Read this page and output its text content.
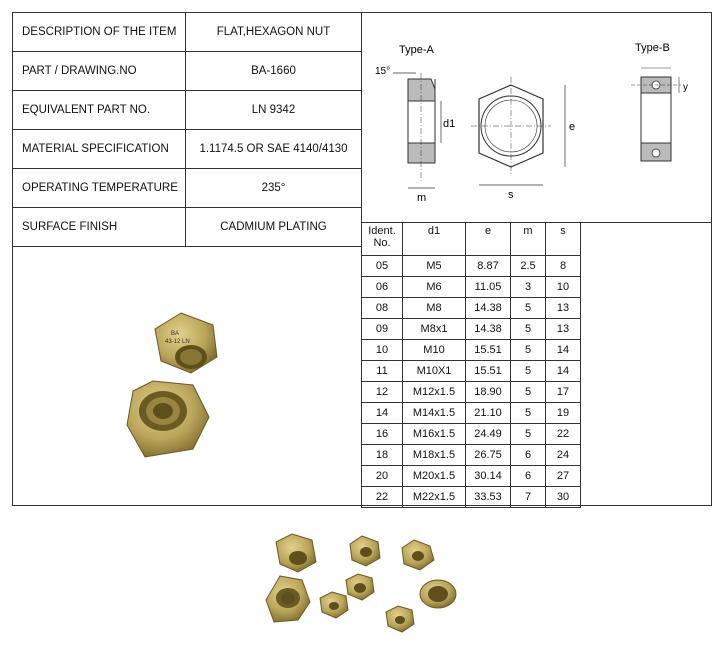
DESCRIPTION OF THE ITEM	FLAT,HEXAGON NUT
PART / DRAWING.NO	BA-1660
EQUIVALENT PART NO.	LN 9342
MATERIAL SPECIFICATION	1.1174.5 OR SAE 4140/4130
OPERATING TEMPERATURE	235°
SURFACE FINISH	CADMIUM PLATING
Type-A
15°
d1
m
e
s
Type-B
y
BA
43-12 LN
Ident.
No.	d1	e	m	s
05	M5	8.87	2.5	8
06	M6	11.05	3	10
08	M8	14.38	5	13
09	M8x1	14.38	5	13
10	M10	15.51	5	14
11	M10X1	15.51	5	14
12	M12x1.5	18.90	5	17
14	M14x1.5	21.10	5	19
16	M16x1.5	24.49	5	22
18	M18x1.5	26.75	6	24
20	M20x1.5	30.14	6	27
22	M22x1.5	33.53	7	30
